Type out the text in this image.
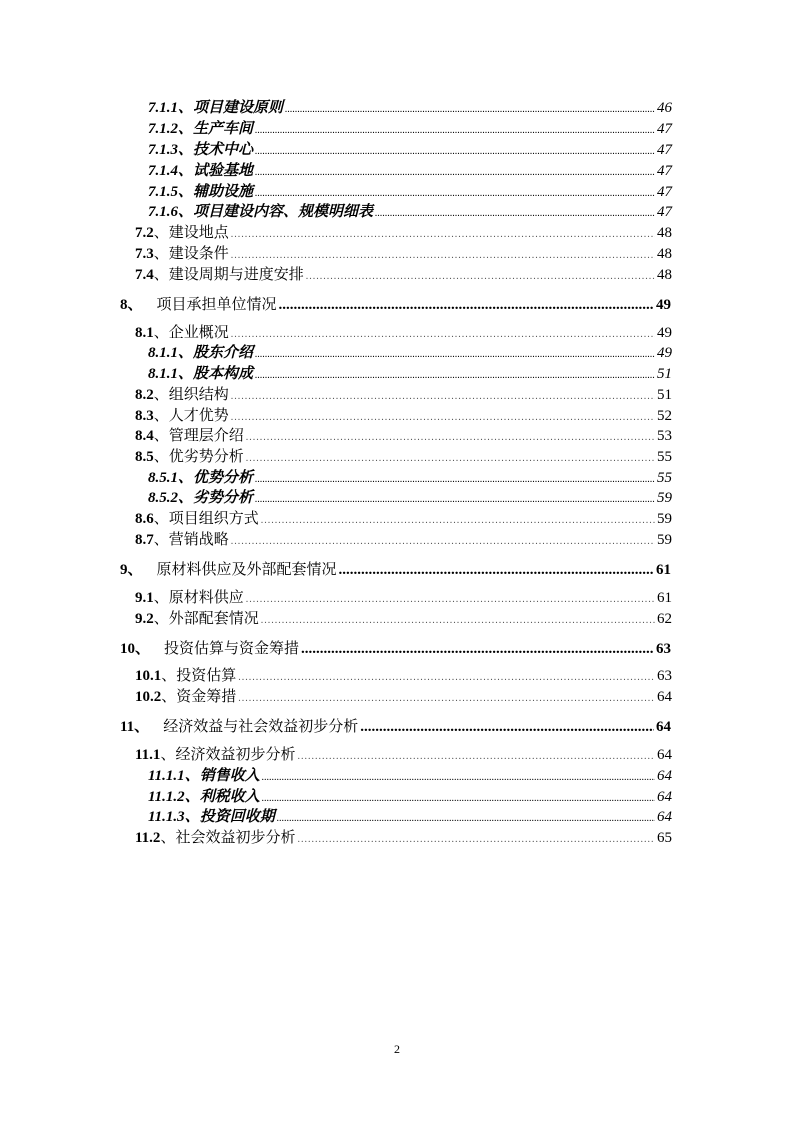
7.1.1 、项目建设原则 .....	46
7.1.2 、生产车间 .....	47
7.1.3 、技术中心 .....	47
7.1.4 、试验基地 .....	47
7.1.5 、辅助设施 .....	47
7.1.6 、项目建设内容、规模明细表 .....	47
7.2 、建设地点 .....	48
7.3 、建设条件 .....	48
7.4 、建设周期与进度安排 .....	48
8、 项目承担单位情况 .....	49
8.1 、企业概况 .....	49
8.1.1 、股东介绍 .....	49
8.1.1 、股本构成 .....	51
8.2 、组织结构 .....	51
8.3 、人才优势 .....	52
8.4 、管理层介绍 .....	53
8.5 、优劣势分析 .....	55
8.5.1 、优势分析 .....	55
8.5.2 、劣势分析 .....	59
8.6 、项目组织方式 .....	59
8.7 、营销战略 .....	59
9、 原材料供应及外部配套情况 .....	61
9.1 、原材料供应 .....	61
9.2 、外部配套情况 .....	62
10、 投资估算与资金筹措 .....	63
10.1 、投资估算 .....	63
10.2 、资金筹措 .....	64
11、 经济效益与社会效益初步分析 .....	64
11.1 、经济效益初步分析 .....	64
11.1.1 、销售收入 .....	64
11.1.2 、利税收入 .....	64
11.1.3 、投资回收期 .....	64
11.2 、社会效益初步分析 .....	65
2
